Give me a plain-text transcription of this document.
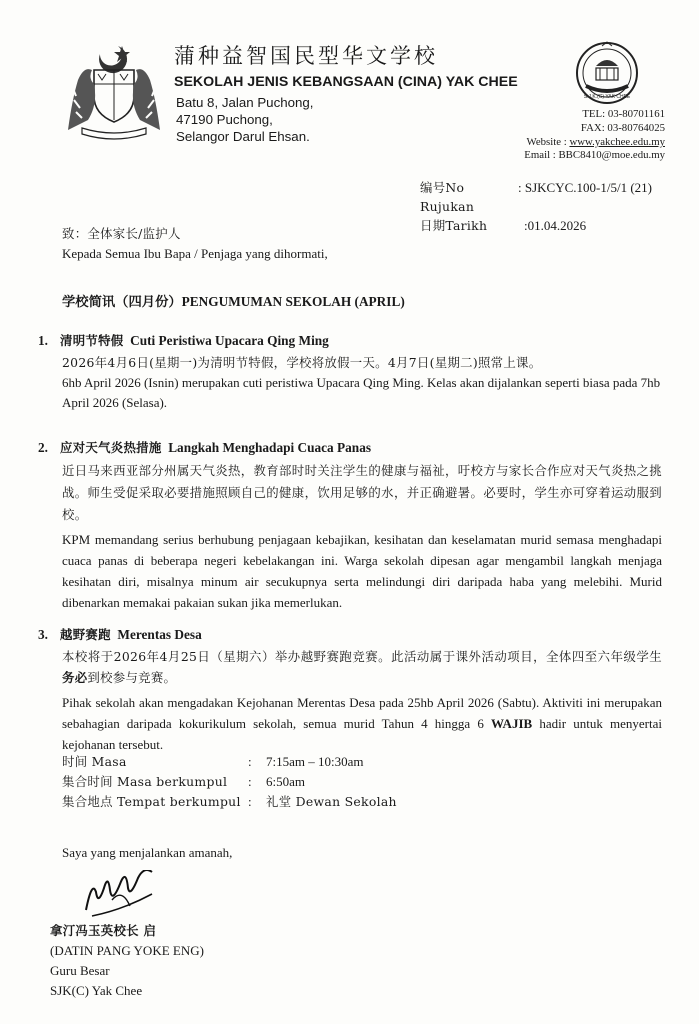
蒲种益智国民型华文学校
SEKOLAH JENIS KEBANGSAAN (CINA) YAK CHEE
Batu 8, Jalan Puchong,
47190 Puchong,
Selangor Darul Ehsan.
S.J.K.(C) YAK CHEE
TEL: 03-80701161
FAX: 03-80764025
Website : www.yakchee.edu.my
Email : BBC8410@moe.edu.my
编号No Rujukan
: SJKCYC.100-1/5/1 (21)
日期Tarikh	:01.04.2026
致：全体家长/监护人
Kepada Semua Ibu Bapa / Penjaga yang dihormati,
学校简讯（四月份）PENGUMUMAN SEKOLAH (APRIL)
1. 清明节特假 Cuti Peristiwa Upacara Qing Ming
2026年4月6日(星期一)为清明节特假，学校将放假一天。4月7日(星期二)照常上课。
6hb April 2026 (Isnin) merupakan cuti peristiwa Upacara Qing Ming. Kelas akan dijalankan seperti biasa pada 7hb April 2026 (Selasa).
2. 应对天气炎热措施 Langkah Menghadapi Cuaca Panas
近日马来西亚部分州属天气炎热，教育部时时关注学生的健康与福祉，吁校方与家长合作应对天气炎热之挑战。师生受促采取必要措施照顾自己的健康，饮用足够的水，并正确避暑。必要时，学生亦可穿着运动服到校。
KPM memandang serius berhubung penjagaan kebajikan, kesihatan dan keselamatan murid semasa menghadapi cuaca panas di beberapa negeri kebelakangan ini. Warga sekolah dipesan agar mengambil langkah menjaga kesihatan diri, misalnya minum air secukupnya serta melindungi diri daripada haba yang melebihi. Murid dibenarkan memakai pakaian sukan jika memerlukan.
3. 越野赛跑 Merentas Desa
本校将于2026年4月25日（星期六）举办越野赛跑竞赛。此活动属于课外活动项目，全体四至六年级学生务必到校参与竞赛。
Pihak sekolah akan mengadakan Kejohanan Merentas Desa pada 25hb April 2026 (Sabtu). Aktiviti ini merupakan sebahagian daripada kokurikulum sekolah, semua murid Tahun 4 hingga 6 WAJIB hadir untuk menyertai kejohanan tersebut.
时间 Masa	:	7:15am – 10:30am
集合时间 Masa berkumpul	:	6:50am
集合地点 Tempat berkumpul :	礼堂 Dewan Sekolah
Saya yang menjalankan amanah,
拿汀冯玉英校长 启
(DATIN PANG YOKE ENG)
Guru Besar
SJK(C) Yak Chee
